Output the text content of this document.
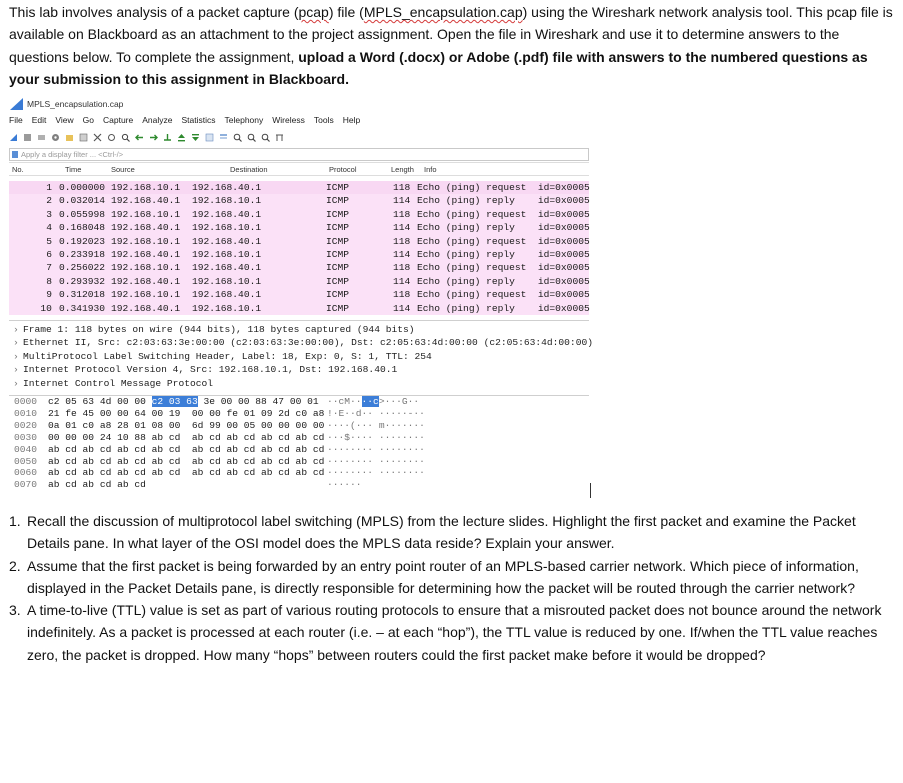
This lab involves analysis of a packet capture (pcap) file (MPLS_encapsulation.cap) using the Wireshark network analysis tool. This pcap file is available on Blackboard as an attachment to the project assignment. Open the file in Wireshark and use it to determine answers to the questions below. To complete the assignment, upload a Word (.docx) or Adobe (.pdf) file with answers to the numbered questions as your submission to this assignment in Blackboard.
MPLS_encapsulation.cap
File Edit View Go Capture Analyze Statistics Telephony Wireless Tools Help
Apply a display filter ... <Ctrl-/>
No.	Time	Source	Destination	Protocol	Length Info
1 0.000000 192.168.10.1 192.168.40.1	ICMP	118 Echo (ping) request  id=0x0005
2 0.032014 192.168.40.1 192.168.10.1	ICMP	114 Echo (ping) reply    id=0x0005
3 0.055998 192.168.10.1 192.168.40.1	ICMP	118 Echo (ping) request  id=0x0005
4 0.168048 192.168.40.1 192.168.10.1	ICMP	114 Echo (ping) reply    id=0x0005
5 0.192023 192.168.10.1 192.168.40.1	ICMP	118 Echo (ping) request  id=0x0005
6 0.233918 192.168.40.1 192.168.10.1	ICMP	114 Echo (ping) reply    id=0x0005
7 0.256022 192.168.10.1 192.168.40.1	ICMP	118 Echo (ping) request  id=0x0005
8 0.293932 192.168.40.1 192.168.10.1	ICMP	114 Echo (ping) reply    id=0x0005
9 0.312018 192.168.10.1 192.168.40.1	ICMP	118 Echo (ping) request  id=0x0005
10 0.341930 192.168.40.1 192.168.10.1	ICMP	114 Echo (ping) reply    id=0x0005
› Frame 1: 118 bytes on wire (944 bits), 118 bytes captured (944 bits)
› Ethernet II, Src: c2:03:63:3e:00:00 (c2:03:63:3e:00:00), Dst: c2:05:63:4d:00:00 (c2:05:63:4d:00:00)
› MultiProtocol Label Switching Header, Label: 18, Exp: 0, S: 1, TTL: 254
› Internet Protocol Version 4, Src: 192.168.10.1, Dst: 192.168.40.1
› Internet Control Message Protocol
0000 c2 05 63 4d 00 00 c2 03 63 3e 00 00 88 47 00 01 ··cM····c>···G··
0010 21 fe 45 00 00 64 00 19  00 00 fe 01 09 2d c0 a8 !·E··d·· ·····-··
0020 0a 01 c0 a8 28 01 08 00  6d 99 00 05 00 00 00 00 ····(··· m·······
0030 00 00 00 24 10 88 ab cd  ab cd ab cd ab cd ab cd ···$···· ········
0040 ab cd ab cd ab cd ab cd  ab cd ab cd ab cd ab cd ········ ········
0050 ab cd ab cd ab cd ab cd  ab cd ab cd ab cd ab cd ········ ········
0060 ab cd ab cd ab cd ab cd  ab cd ab cd ab cd ab cd ········ ········
0070 ab cd ab cd ab cd	······

1. Recall the discussion of multiprotocol label switching (MPLS) from the lecture slides. Highlight the first packet and examine the Packet Details pane. In what layer of the OSI model does the MPLS data reside? Explain your answer.

2. Assume that the first packet is being forwarded by an entry point router of an MPLS-based carrier network. Which piece of information, displayed in the Packet Details pane, is directly responsible for determining how the packet will be routed through the carrier network?

3. A time-to-live (TTL) value is set as part of various routing protocols to ensure that a misrouted packet does not bounce around the network indefinitely. As a packet is processed at each router (i.e. – at each “hop”), the TTL value is reduced by one. If/when the TTL value reaches zero, the packet is dropped. How many “hops” between routers could the first packet make before it would be dropped?
